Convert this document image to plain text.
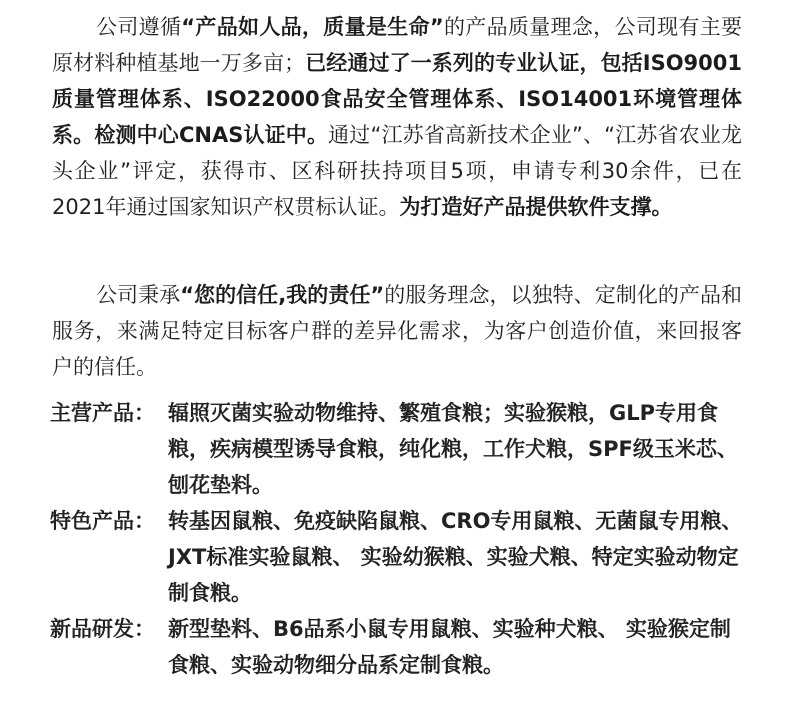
公司遵循“产品如人品，质量是生命”的产品质量理念，公司现有主要原材料种植基地一万多亩；已经通过了一系列的专业认证，包括ISO9001质量管理体系、ISO22000食品安全管理体系、ISO14001环境管理体系。检测中心CNAS认证中。通过“江苏省高新技术企业”、“江苏省农业龙头企业”评定，获得市、区科研扶持项目5项，申请专利30余件，已在2021年通过国家知识产权贯标认证。为打造好产品提供软件支撑。

公司秉承“您的信任,我的责任”的服务理念，以独特、定制化的产品和服务，来满足特定目标客户群的差异化需求，为客户创造价值，来回报客户的信任。

主营产品： 辐照灭菌实验动物维持、繁殖食粮；实验猴粮，GLP专用食粮，疾病模型诱导食粮，纯化粮，工作犬粮，SPF级玉米芯、刨花垫料。
特色产品： 转基因鼠粮、免疫缺陷鼠粮、CRO专用鼠粮、无菌鼠专用粮、JXT标准实验鼠粮、 实验幼猴粮、实验犬粮、特定实验动物定制食粮。
新品研发： 新型垫料、B6品系小鼠专用鼠粮、实验种犬粮、 实验猴定制食粮、实验动物细分品系定制食粮。
